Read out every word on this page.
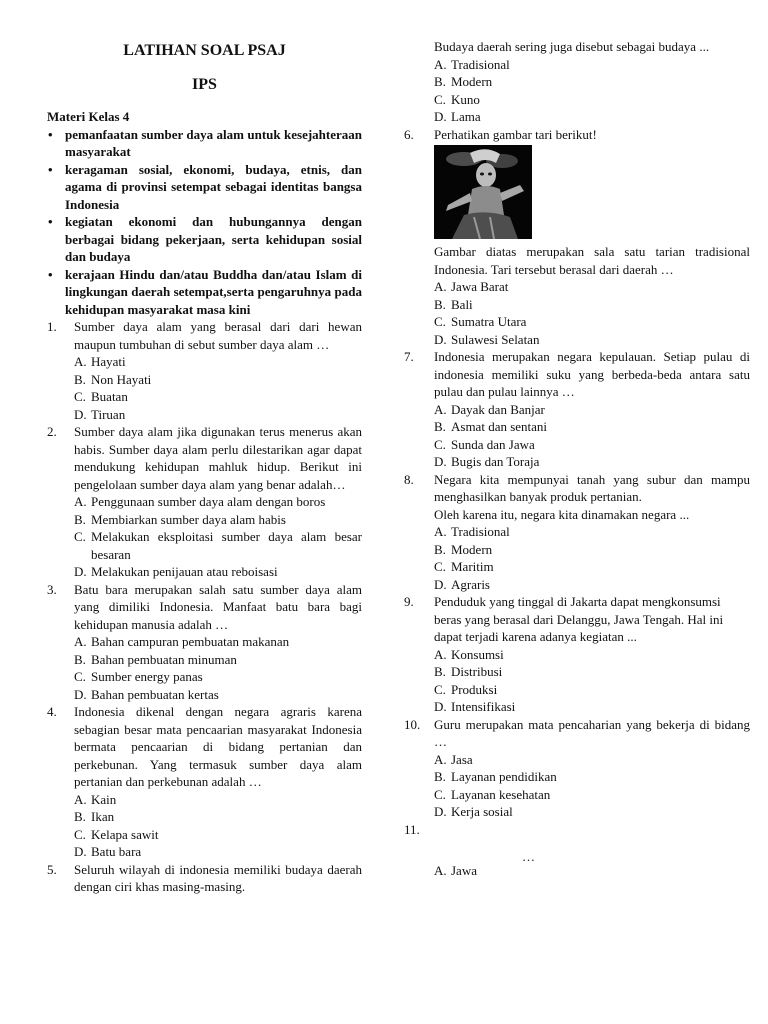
LATIHAN SOAL PSAJ
IPS
Materi Kelas 4
• pemanfaatan sumber daya alam untuk kesejahteraan masyarakat
• keragaman sosial, ekonomi, budaya, etnis, dan agama di provinsi setempat sebagai identitas bangsa Indonesia
• kegiatan ekonomi dan hubungannya dengan berbagai bidang pekerjaan, serta kehidupan sosial dan budaya
• kerajaan Hindu dan/atau Buddha dan/atau Islam di lingkungan daerah setempat,serta pengaruhnya pada kehidupan masyarakat masa kini
1. Sumber daya alam yang berasal dari dari hewan maupun tumbuhan di sebut sumber daya alam …
A. Hayati
B. Non Hayati
C. Buatan
D. Tiruan
2. Sumber daya alam jika digunakan terus menerus akan habis. Sumber daya alam perlu dilestarikan agar dapat mendukung kehidupan mahluk hidup. Berikut ini pengelolaan sumber daya alam yang benar adalah…
A. Penggunaan sumber daya alam dengan boros
B. Membiarkan sumber daya alam habis
C. Melakukan eksploitasi sumber daya alam besar besaran
D. Melakukan penijauan atau reboisasi
3. Batu bara merupakan salah satu sumber daya alam yang dimiliki Indonesia. Manfaat batu bara bagi kehidupan manusia adalah …
A. Bahan campuran pembuatan makanan
B. Bahan pembuatan minuman
C. Sumber energy panas
D. Bahan pembuatan kertas
4. Indonesia dikenal dengan negara agraris karena sebagian besar mata pencaarian masyarakat Indonesia bermata pencaarian di bidang pertanian dan perkebunan. Yang termasuk sumber daya alam pertanian dan perkebunan adalah …
A. Kain
B. Ikan
C. Kelapa sawit
D. Batu bara
5. Seluruh wilayah di indonesia memiliki budaya daerah dengan ciri khas masing-masing.
Budaya daerah sering juga disebut sebagai budaya ...
A. Tradisional
B. Modern
C. Kuno
D. Lama
6. Perhatikan gambar tari berikut!
Gambar diatas merupakan sala satu tarian tradisional Indonesia. Tari tersebut berasal dari daerah …
A. Jawa Barat
B. Bali
C. Sumatra Utara
D. Sulawesi Selatan
7. Indonesia merupakan negara kepulauan. Setiap pulau di indonesia memiliki suku yang berbeda-beda antara satu pulau dan pulau lainnya …
A. Dayak dan Banjar
B. Asmat dan sentani
C. Sunda dan Jawa
D. Bugis dan Toraja
8. Negara kita mempunyai tanah yang subur dan mampu menghasilkan banyak produk pertanian.
Oleh karena itu, negara kita dinamakan negara ...
A. Tradisional
B. Modern
C. Maritim
D. Agraris
9. Penduduk yang tinggal di Jakarta dapat mengkonsumsi beras yang berasal dari Delanggu, Jawa Tengah. Hal ini dapat terjadi karena adanya kegiatan ...
A. Konsumsi
B. Distribusi
C. Produksi
D. Intensifikasi
10. Guru merupakan mata pencaharian yang bekerja di bidang …
A. Jasa
B. Layanan pendidikan
C. Layanan kesehatan
D. Kerja sosial
11.
…
A. Jawa
